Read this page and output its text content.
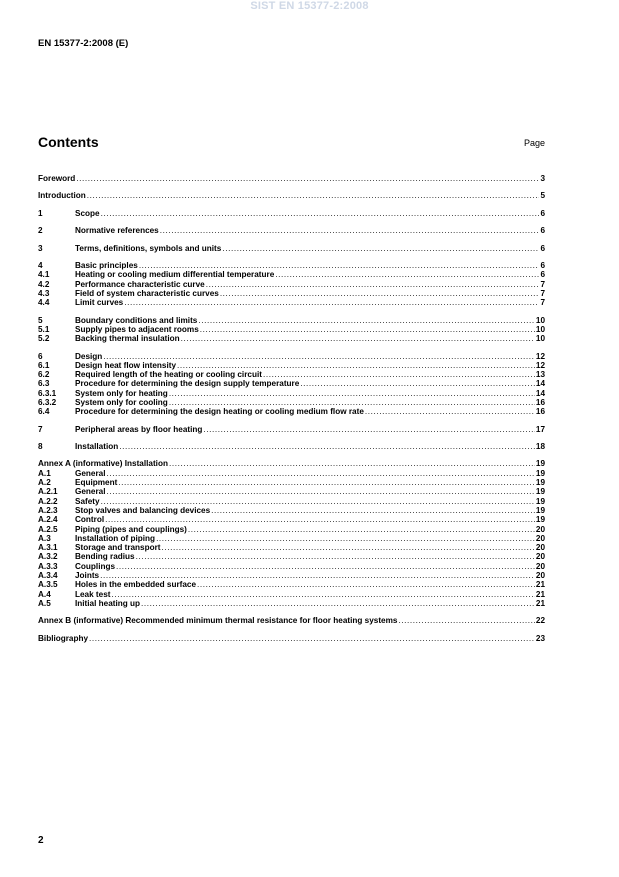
SIST EN 15377-2:2008
EN 15377-2:2008 (E)
Contents	Page
Foreword .....	3
Introduction .....	5
1	Scope .....	6
2	Normative references .....	6
3	Terms, definitions, symbols and units .....	6
4	Basic principles .....	6
4.1	Heating or cooling medium differential temperature .....	6
4.2	Performance characteristic curve .....	7
4.3	Field of system characteristic curves .....	7
4.4	Limit curves .....	7
5	Boundary conditions and limits .....	10
5.1	Supply pipes to adjacent rooms .....	10
5.2	Backing thermal insulation .....	10
6	Design .....	12
6.1	Design heat flow intensity .....	12
6.2	Required length of the heating or cooling circuit .....	13
6.3	Procedure for determining the design supply temperature .....	14
6.3.1	System only for heating .....	14
6.3.2	System only for cooling .....	16
6.4	Procedure for determining the design heating or cooling medium flow rate .....	16
7	Peripheral areas by floor heating .....	17
8	Installation .....	18
Annex A (informative) Installation .....	19
A.1	General .....	19
A.2	Equipment .....	19
A.2.1	General .....	19
A.2.2	Safety .....	19
A.2.3	Stop valves and balancing devices .....	19
A.2.4	Control .....	19
A.2.5	Piping (pipes and couplings) .....	20
A.3	Installation of piping .....	20
A.3.1	Storage and transport .....	20
A.3.2	Bending radius .....	20
A.3.3	Couplings .....	20
A.3.4	Joints .....	20
A.3.5	Holes in the embedded surface .....	21
A.4	Leak test .....	21
A.5	Initial heating up .....	21
Annex B (informative) Recommended minimum thermal resistance for floor heating systems .....	22
Bibliography .....	23
2
